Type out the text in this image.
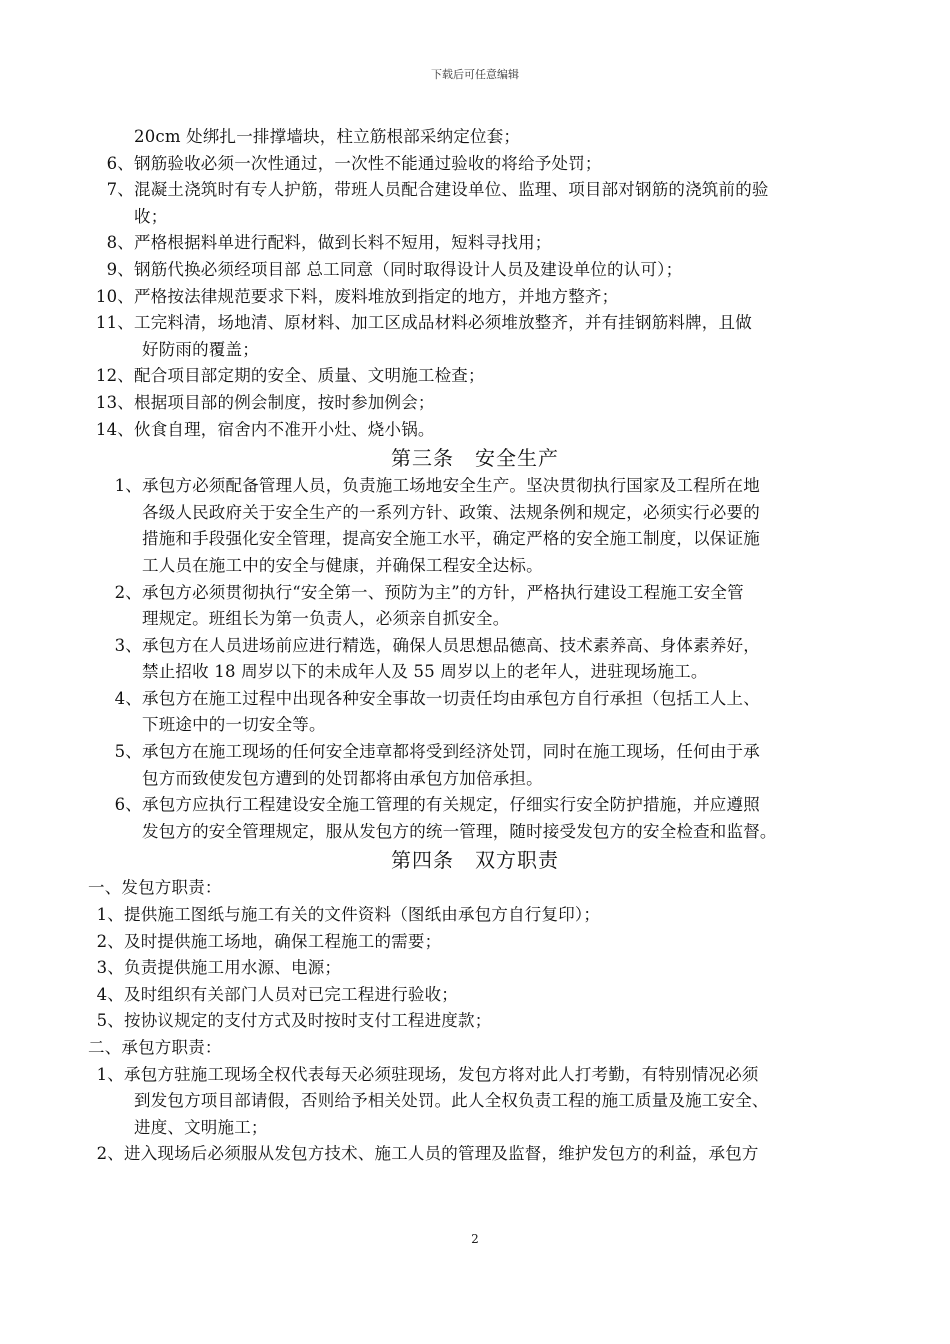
下载后可任意编辑
20cm 处绑扎一排撑墙块，柱立筋根部采纳定位套；
6、 钢筋验收必须一次性通过，一次性不能通过验收的将给予处罚；
7、 混凝土浇筑时有专人护筋，带班人员配合建设单位、监理、项目部对钢筋的浇筑前的验
收；
8、 严格根据料单进行配料，做到长料不短用，短料寻找用；
9、 钢筋代换必须经项目部 总工同意（同时取得设计人员及建设单位的认可）；
10、 严格按法律规范要求下料，废料堆放到指定的地方，并地方整齐；
11、 工完料清，场地清、原材料、加工区成品材料必须堆放整齐，并有挂钢筋料牌，且做
好防雨的覆盖；
12、 配合项目部定期的安全、质量、文明施工检查；
13、 根据项目部的例会制度，按时参加例会；
14、 伙食自理，宿舍内不准开小灶、烧小锅。
第三条　安全生产
1、 承包方必须配备管理人员，负责施工场地安全生产。坚决贯彻执行国家及工程所在地
各级人民政府关于安全生产的一系列方针、政策、法规条例和规定，必须实行必要的
措施和手段强化安全管理，提高安全施工水平，确定严格的安全施工制度，以保证施
工人员在施工中的安全与健康，并确保工程安全达标。
2、 承包方必须贯彻执行“安全第一、预防为主”的方针，严格执行建设工程施工安全管
理规定。班组长为第一负责人，必须亲自抓安全。
3、 承包方在人员进场前应进行精选，确保人员思想品德高、技术素养高、身体素养好，
禁止招收 18 周岁以下的未成年人及 55 周岁以上的老年人，进驻现场施工。
4、 承包方在施工过程中出现各种安全事故一切责任均由承包方自行承担（包括工人上、
下班途中的一切安全等。
5、 承包方在施工现场的任何安全违章都将受到经济处罚，同时在施工现场，任何由于承
包方而致使发包方遭到的处罚都将由承包方加倍承担。
6、 承包方应执行工程建设安全施工管理的有关规定，仔细实行安全防护措施，并应遵照
发包方的安全管理规定，服从发包方的统一管理，随时接受发包方的安全检查和监督。
第四条　双方职责
一、发包方职责：
1、 提供施工图纸与施工有关的文件资料（图纸由承包方自行复印）；
2、 及时提供施工场地，确保工程施工的需要；
3、 负责提供施工用水源、电源；
4、 及时组织有关部门人员对已完工程进行验收；
5、 按协议规定的支付方式及时按时支付工程进度款；
二、承包方职责：
1、 承包方驻施工现场全权代表每天必须驻现场，发包方将对此人打考勤，有特别情况必须
到发包方项目部请假，否则给予相关处罚。此人全权负责工程的施工质量及施工安全、
进度、文明施工；
2、 进入现场后必须服从发包方技术、施工人员的管理及监督，维护发包方的利益，承包方
2
